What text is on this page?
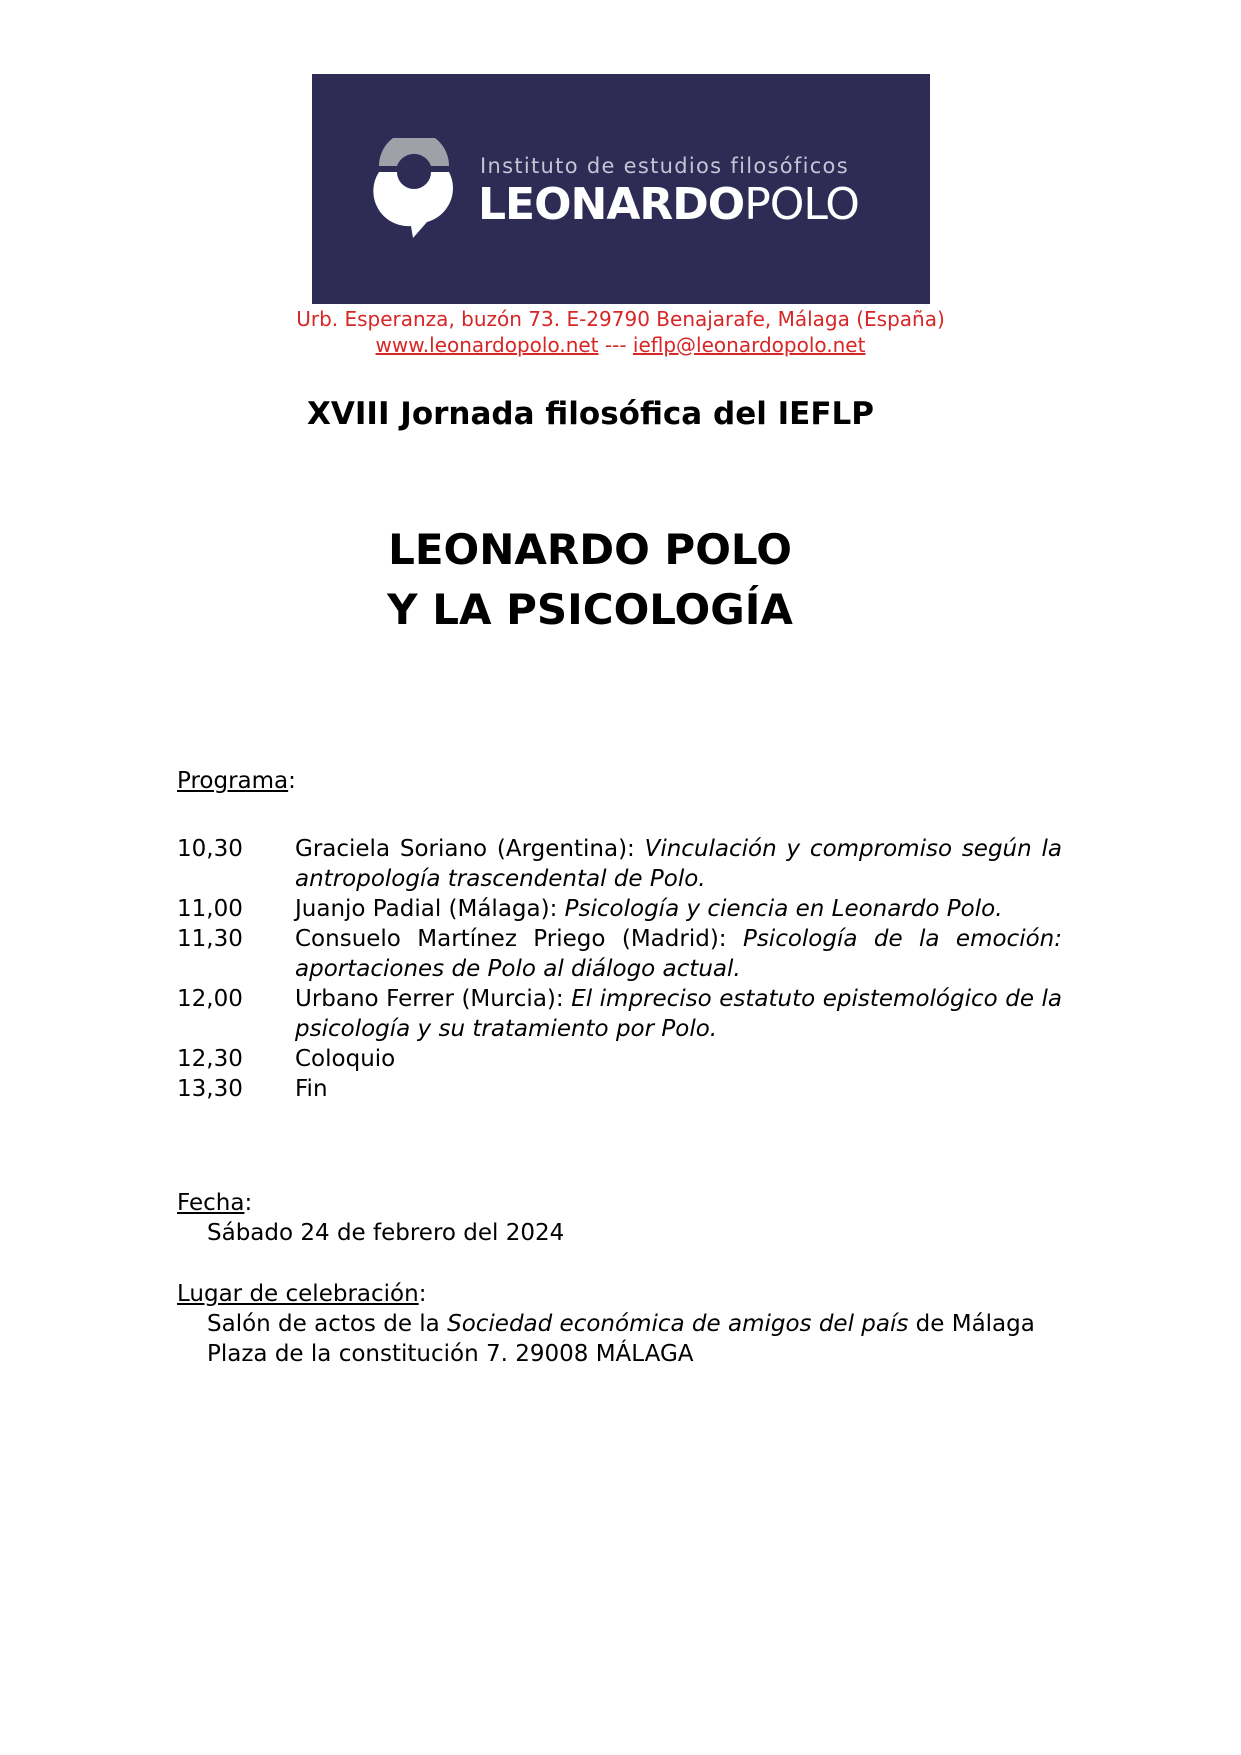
Instituto de estudios filosóficos
LEONARDOPOLO
Urb. Esperanza, buzón 73. E-29790 Benajarafe, Málaga (España)
www.leonardopolo.net --- ieflp@leonardopolo.net
XVIII Jornada filosófica del IEFLP
LEONARDO POLO
Y LA PSICOLOGÍA
Programa:
10,30	Graciela Soriano (Argentina): Vinculación y compromiso según la antropología trascendental de Polo.
11,00	Juanjo Padial (Málaga): Psicología y ciencia en Leonardo Polo.
11,30	Consuelo Martínez Priego (Madrid): Psicología de la emoción: aportaciones de Polo al diálogo actual.
12,00	Urbano Ferrer (Murcia): El impreciso estatuto epistemológico de la psicología y su tratamiento por Polo.
12,30	Coloquio
13,30	Fin
Fecha:
Sábado 24 de febrero del 2024
Lugar de celebración:
Salón de actos de la Sociedad económica de amigos del país de Málaga
Plaza de la constitución 7. 29008 MÁLAGA
